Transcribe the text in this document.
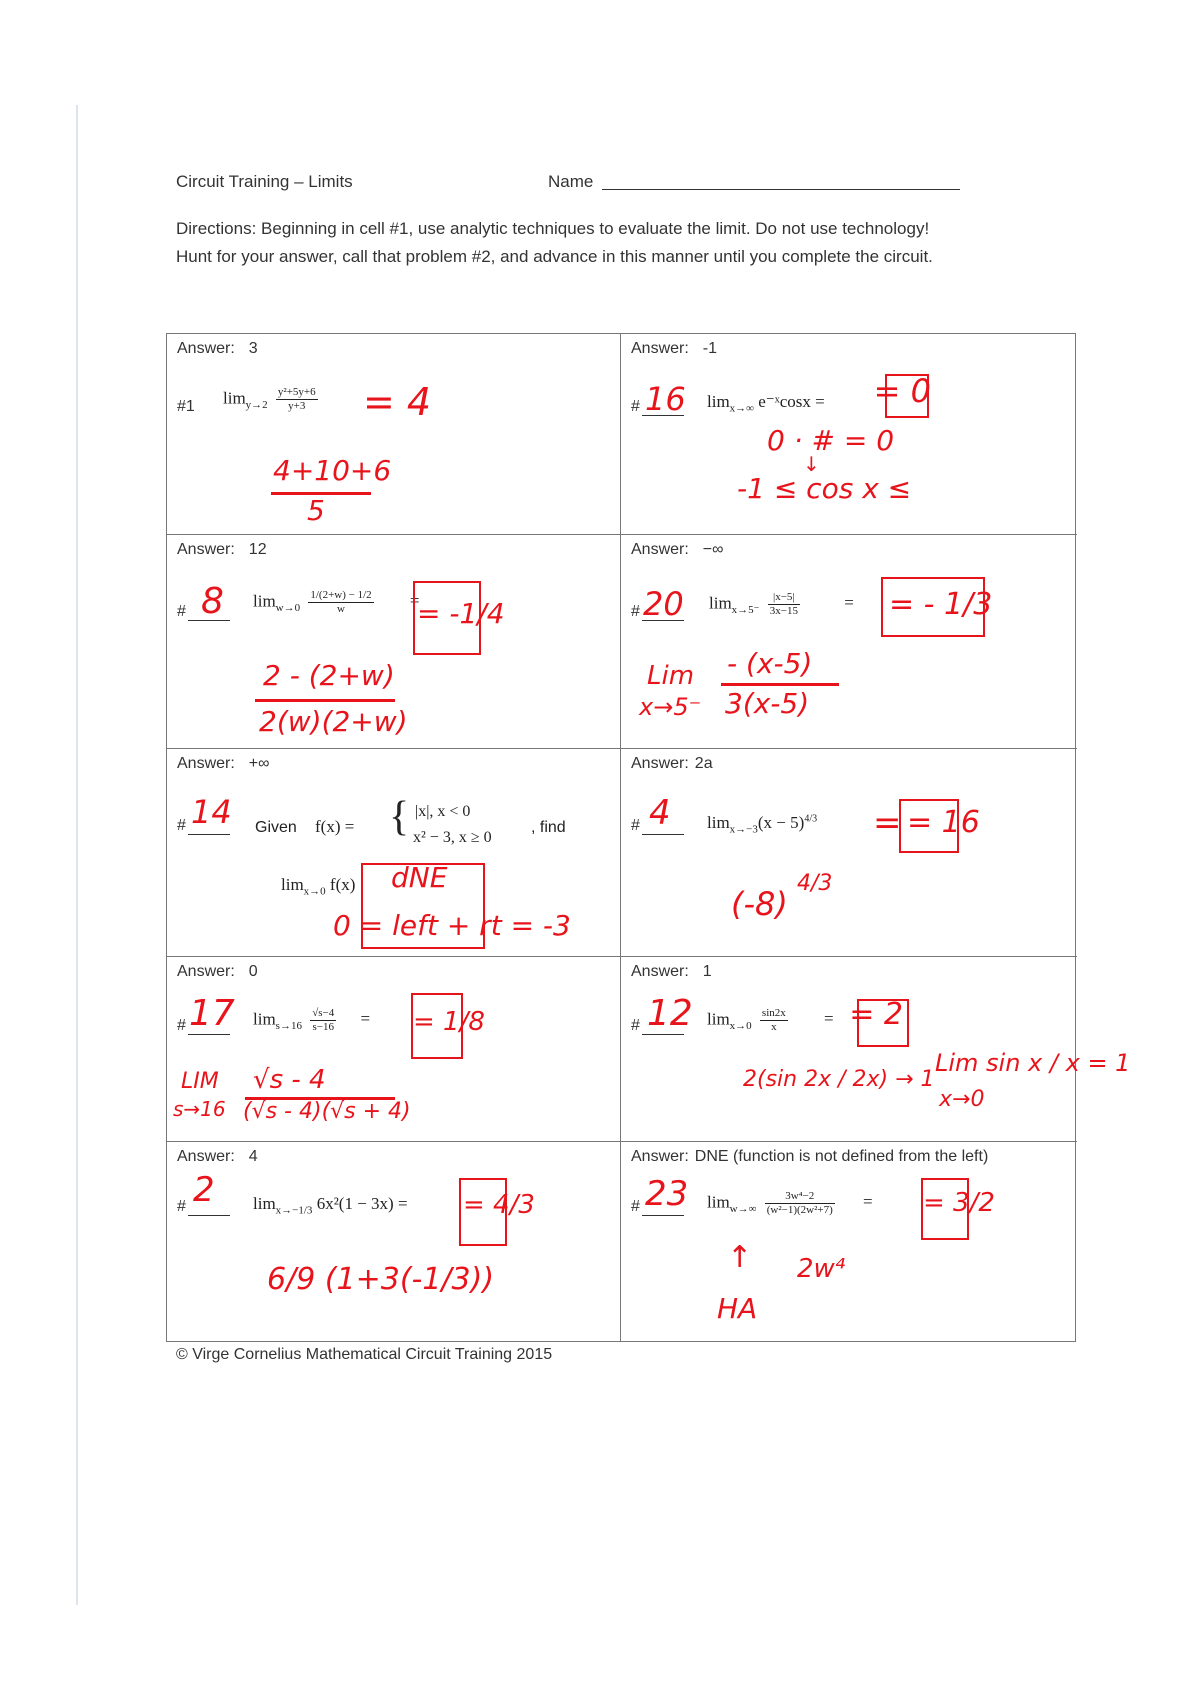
Circuit Training – Limits	Name
Directions: Beginning in cell #1, use analytic techniques to evaluate the limit. Do not use technology!
Hunt for your answer, call that problem #2, and advance in this manner until you complete the circuit.
Answer: 3
#1 $\lim_{y\to 2} \frac{\text{y²+5y+6}}{y+3} = 4$
4+10+6
5
Answer: -1
# 16 $\lim_{x\to\infty}$ e⁻ˣcosx = = 0
0 · # = 0
↓
-1 ≤ cos x ≤
Answer: 12
# 8 $\lim_{w\to 0} \frac{1/(2+w) - 1/2}{w}$ =
= -1/4
2 - (2+w)
2(w)(2+w)
Answer: −∞
# 20 $\lim_{x\to 5^-} \frac{|x-5|}{3x-15}$	= = - 1/3
Lim
x→5⁻
- (x-5)
3(x-5)
Answer: +∞
# 14 Given f(x) = { |x|, x < 0
x² − 3, x ≥ 0
, find
$\lim_{x\to 0} f(x)$ dNE
0 = left + rt = -3
Answer: 2a
# 4 $\lim_{x\to-3}(x - 5)^{4/3}$ = = 16
(-8)
4/3
Answer: 0
# 17 $\lim_{s\to 16} \frac{√s-4}{s-16}$ = = 1/8
LIM
s→16
√s - 4
(√s - 4)(√s + 4)
Answer: 1
# 12 $\lim_{x\to 0} \frac{\sin 2x}{x}$ = = 2
2(sin 2x / 2x) → 1
Lim sin x / x = 1
x→0
Answer: 4
# 2 $\lim_{x\to-1/3} 6x^2(1 - 3x)$ = = 4/3
6/9 (1+3(-1/3))
Answer: DNE (function is not defined from the left)
# 23 $\lim_{w\to\infty} \frac{\text{3w⁴−2}}{\text{(w²−1)(2w²+7)}}$ = = 3/2
↑
HA
2w⁴
© Virge Cornelius Mathematical Circuit Training 2015
